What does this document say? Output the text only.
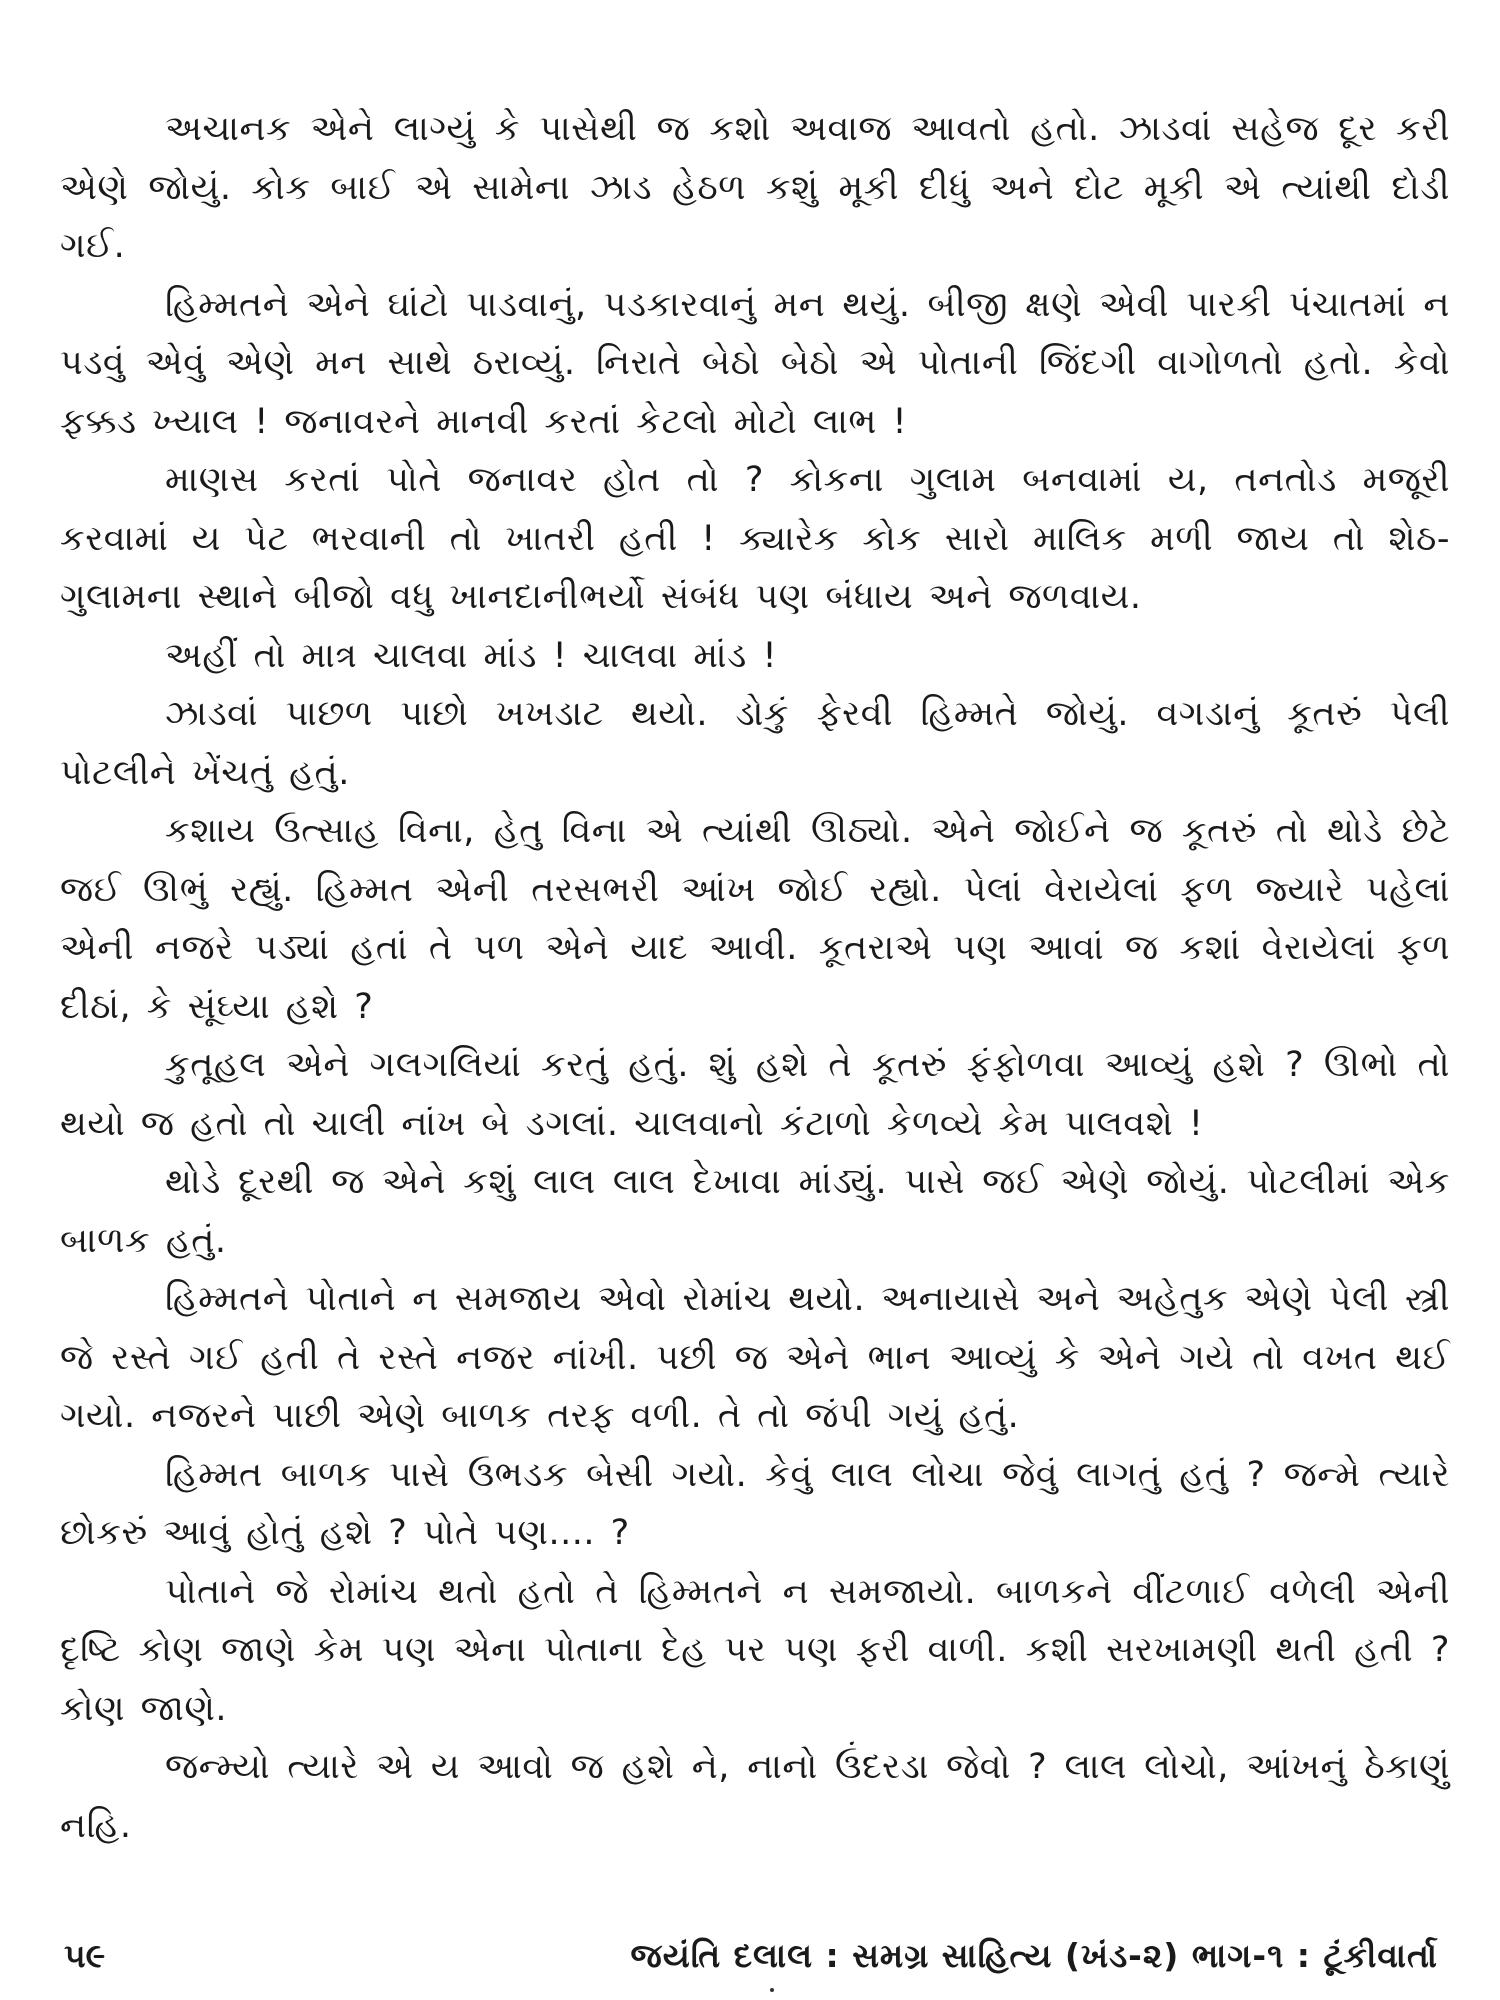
અચાનક એને લાગ્યું કે પાસેથી જ કશો અવાજ આવતો હતો. ઝાડવાં સહેજ દૂર કરી એણે જોયું. કોક બાઈ એ સામેના ઝાડ હેઠળ કશું મૂકી દીધું અને દોટ મૂકી એ ત્યાંથી દોડી ગઈ.

હિમ્મતને એને ઘાંટો પાડવાનું, પડકારવાનું મન થયું. બીજી ક્ષણે એવી પારકી પંચાતમાં ન પડવું એવું એણે મન સાથે ઠરાવ્યું. નિરાતે બેઠો બેઠો એ પોતાની જિંદગી વાગોળતો હતો. કેવો ફક્કડ ખ્યાલ ! જનાવરને માનવી કરતાં કેટલો મોટો લાભ !

માણસ કરતાં પોતે જનાવર હોત તો ? કોકના ગુલામ બનવામાં ય, તનતોડ મજૂરી કરવામાં ય પેટ ભરવાની તો ખાતરી હતી ! ક્યારેક કોક સારો માલિક મળી જાય તો શેઠ-ગુલામના સ્થાને બીજો વધુ ખાનદાનીભર્યો સંબંધ પણ બંધાય અને જળવાય.

અહીં તો માત્ર ચાલવા માંડ ! ચાલવા માંડ !

ઝાડવાં પાછળ પાછો ખખડાટ થયો. ડોકું ફેરવી હિમ્મતે જોયું. વગડાનું કૂતરું પેલી પોટલીને ખેંચતું હતું.

કશાય ઉત્સાહ વિના, હેતુ વિના એ ત્યાંથી ઊઠ્યો. એને જોઈને જ કૂતરું તો થોડે છેટે જઈ ઊભું રહ્યું. હિમ્મત એની તરસભરી આંખ જોઈ રહ્યો. પેલાં વેરાયેલાં ફળ જ્યારે પહેલાં એની નજરે પડ્યાં હતાં તે પળ એને યાદ આવી. કૂતરાએ પણ આવાં જ કશાં વેરાયેલાં ફળ દીઠાં, કે સૂંઘ્યા હશે ?

કુતૂહલ એને ગલગલિયાં કરતું હતું. શું હશે તે કૂતરું ફંફોળવા આવ્યું હશે ? ઊભો તો થયો જ હતો તો ચાલી નાંખ બે ડગલાં. ચાલવાનો કંટાળો કેળવ્યે કેમ પાલવશે !

થોડે દૂરથી જ એને કશું લાલ લાલ દેખાવા માંડ્યું. પાસે જઈ એણે જોયું. પોટલીમાં એક બાળક હતું.

હિમ્મતને પોતાને ન સમજાય એવો રોમાંચ થયો. અનાયાસે અને અહેતુક એણે પેલી સ્ત્રી જે રસ્તે ગઈ હતી તે રસ્તે નજર નાંખી. પછી જ એને ભાન આવ્યું કે એને ગયે તો વખત થઈ ગયો. નજરને પાછી એણે બાળક તરફ વળી. તે તો જંપી ગયું હતું.

હિમ્મત બાળક પાસે ઉભડક બેસી ગયો. કેવું લાલ લોચા જેવું લાગતું હતું ? જન્મે ત્યારે છોકરું આવું હોતું હશે ? પોતે પણ.... ?

પોતાને જે રોમાંચ થતો હતો તે હિમ્મતને ન સમજાયો. બાળકને વીંટળાઈ વળેલી એની દૃષ્ટિ કોણ જાણે કેમ પણ એના પોતાના દેહ પર પણ ફરી વાળી. કશી સરખામણી થતી હતી ? કોણ જાણે.

જન્મ્યો ત્યારે એ ય આવો જ હશે ને, નાનો ઉંદરડા જેવો ? લાલ લોચો, આંખનું ઠેકાણું નહિ.

૫૯	જયંતિ દલાલ : સમગ્ર સાહિત્ય (ખંડ-૨) ભાગ-૧ : ટૂંકીવાર્તા
